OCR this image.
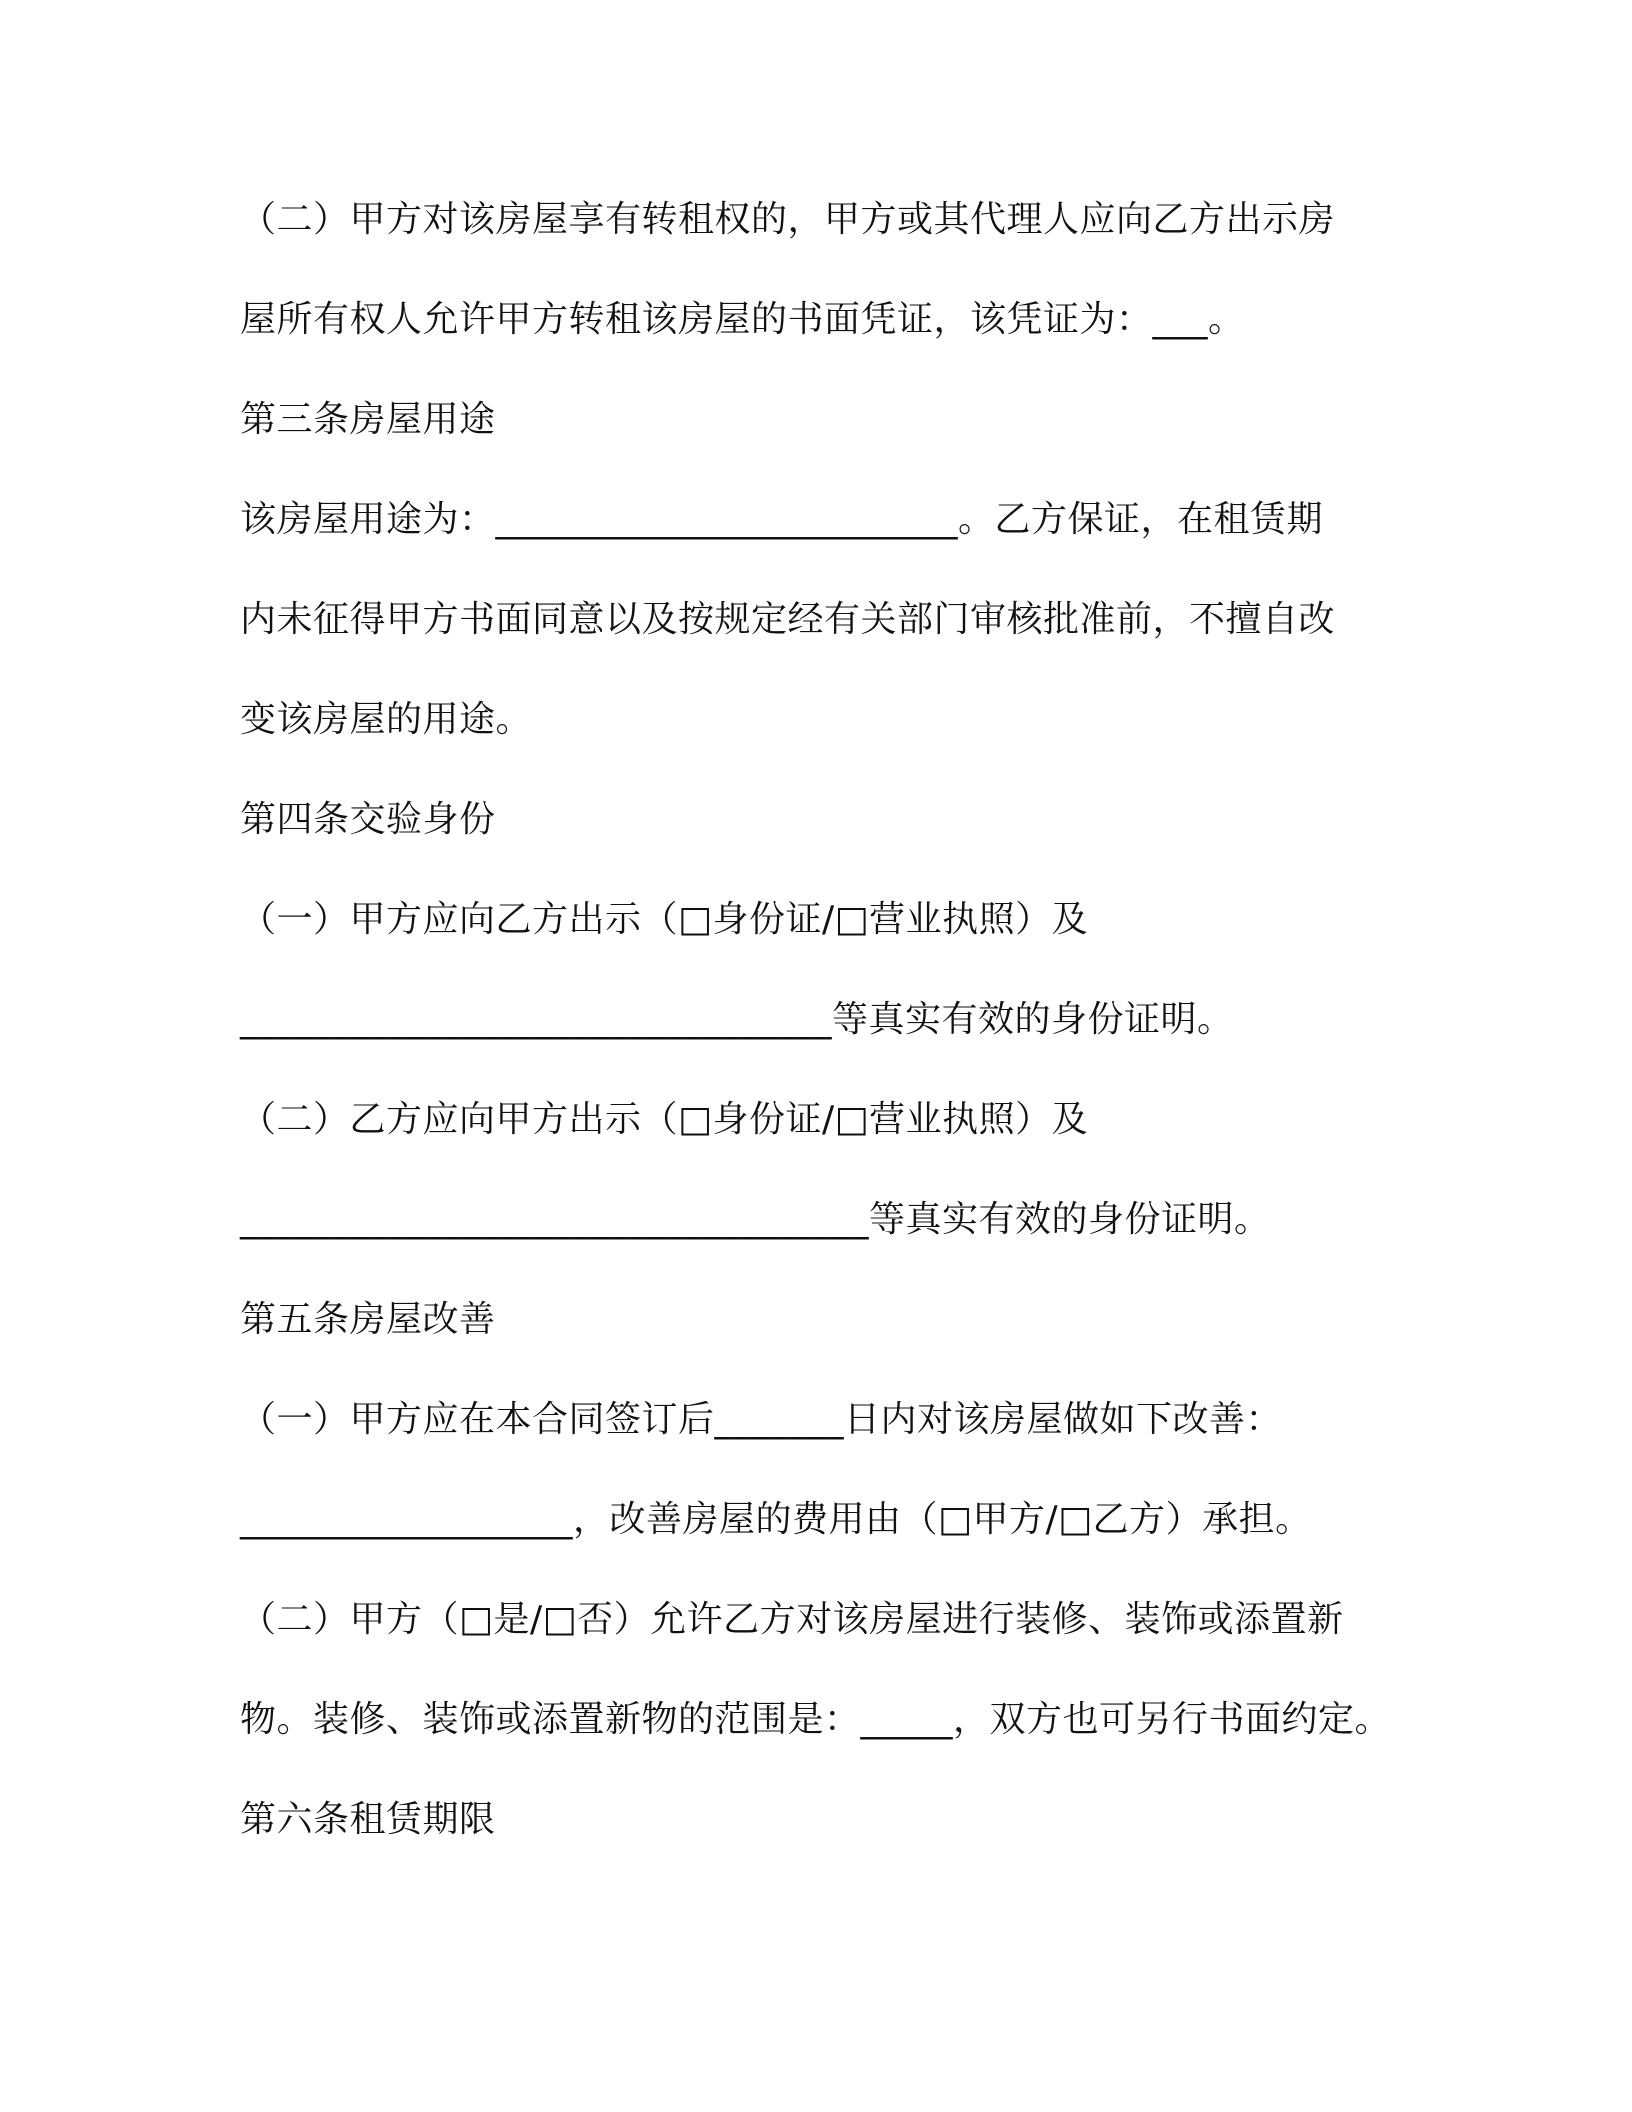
（二）甲方对该房屋享有转租权的，甲方或其代理人应向乙方出示房
屋所有权人允许甲方转租该房屋的书面凭证，该凭证为：___。
第三条房屋用途
该房屋用途为：_________________________。乙方保证，在租赁期
内未征得甲方书面同意以及按规定经有关部门审核批准前，不擅自改
变该房屋的用途。
第四条交验身份
（一）甲方应向乙方出示（□身份证/□营业执照）及
________________________________等真实有效的身份证明。
（二）乙方应向甲方出示（□身份证/□营业执照）及
__________________________________等真实有效的身份证明。
第五条房屋改善
（一）甲方应在本合同签订后_______日内对该房屋做如下改善：
__________________，改善房屋的费用由（□甲方/□乙方）承担。
（二）甲方（□是/□否）允许乙方对该房屋进行装修、装饰或添置新
物。装修、装饰或添置新物的范围是：_____，双方也可另行书面约定。
第六条租赁期限
